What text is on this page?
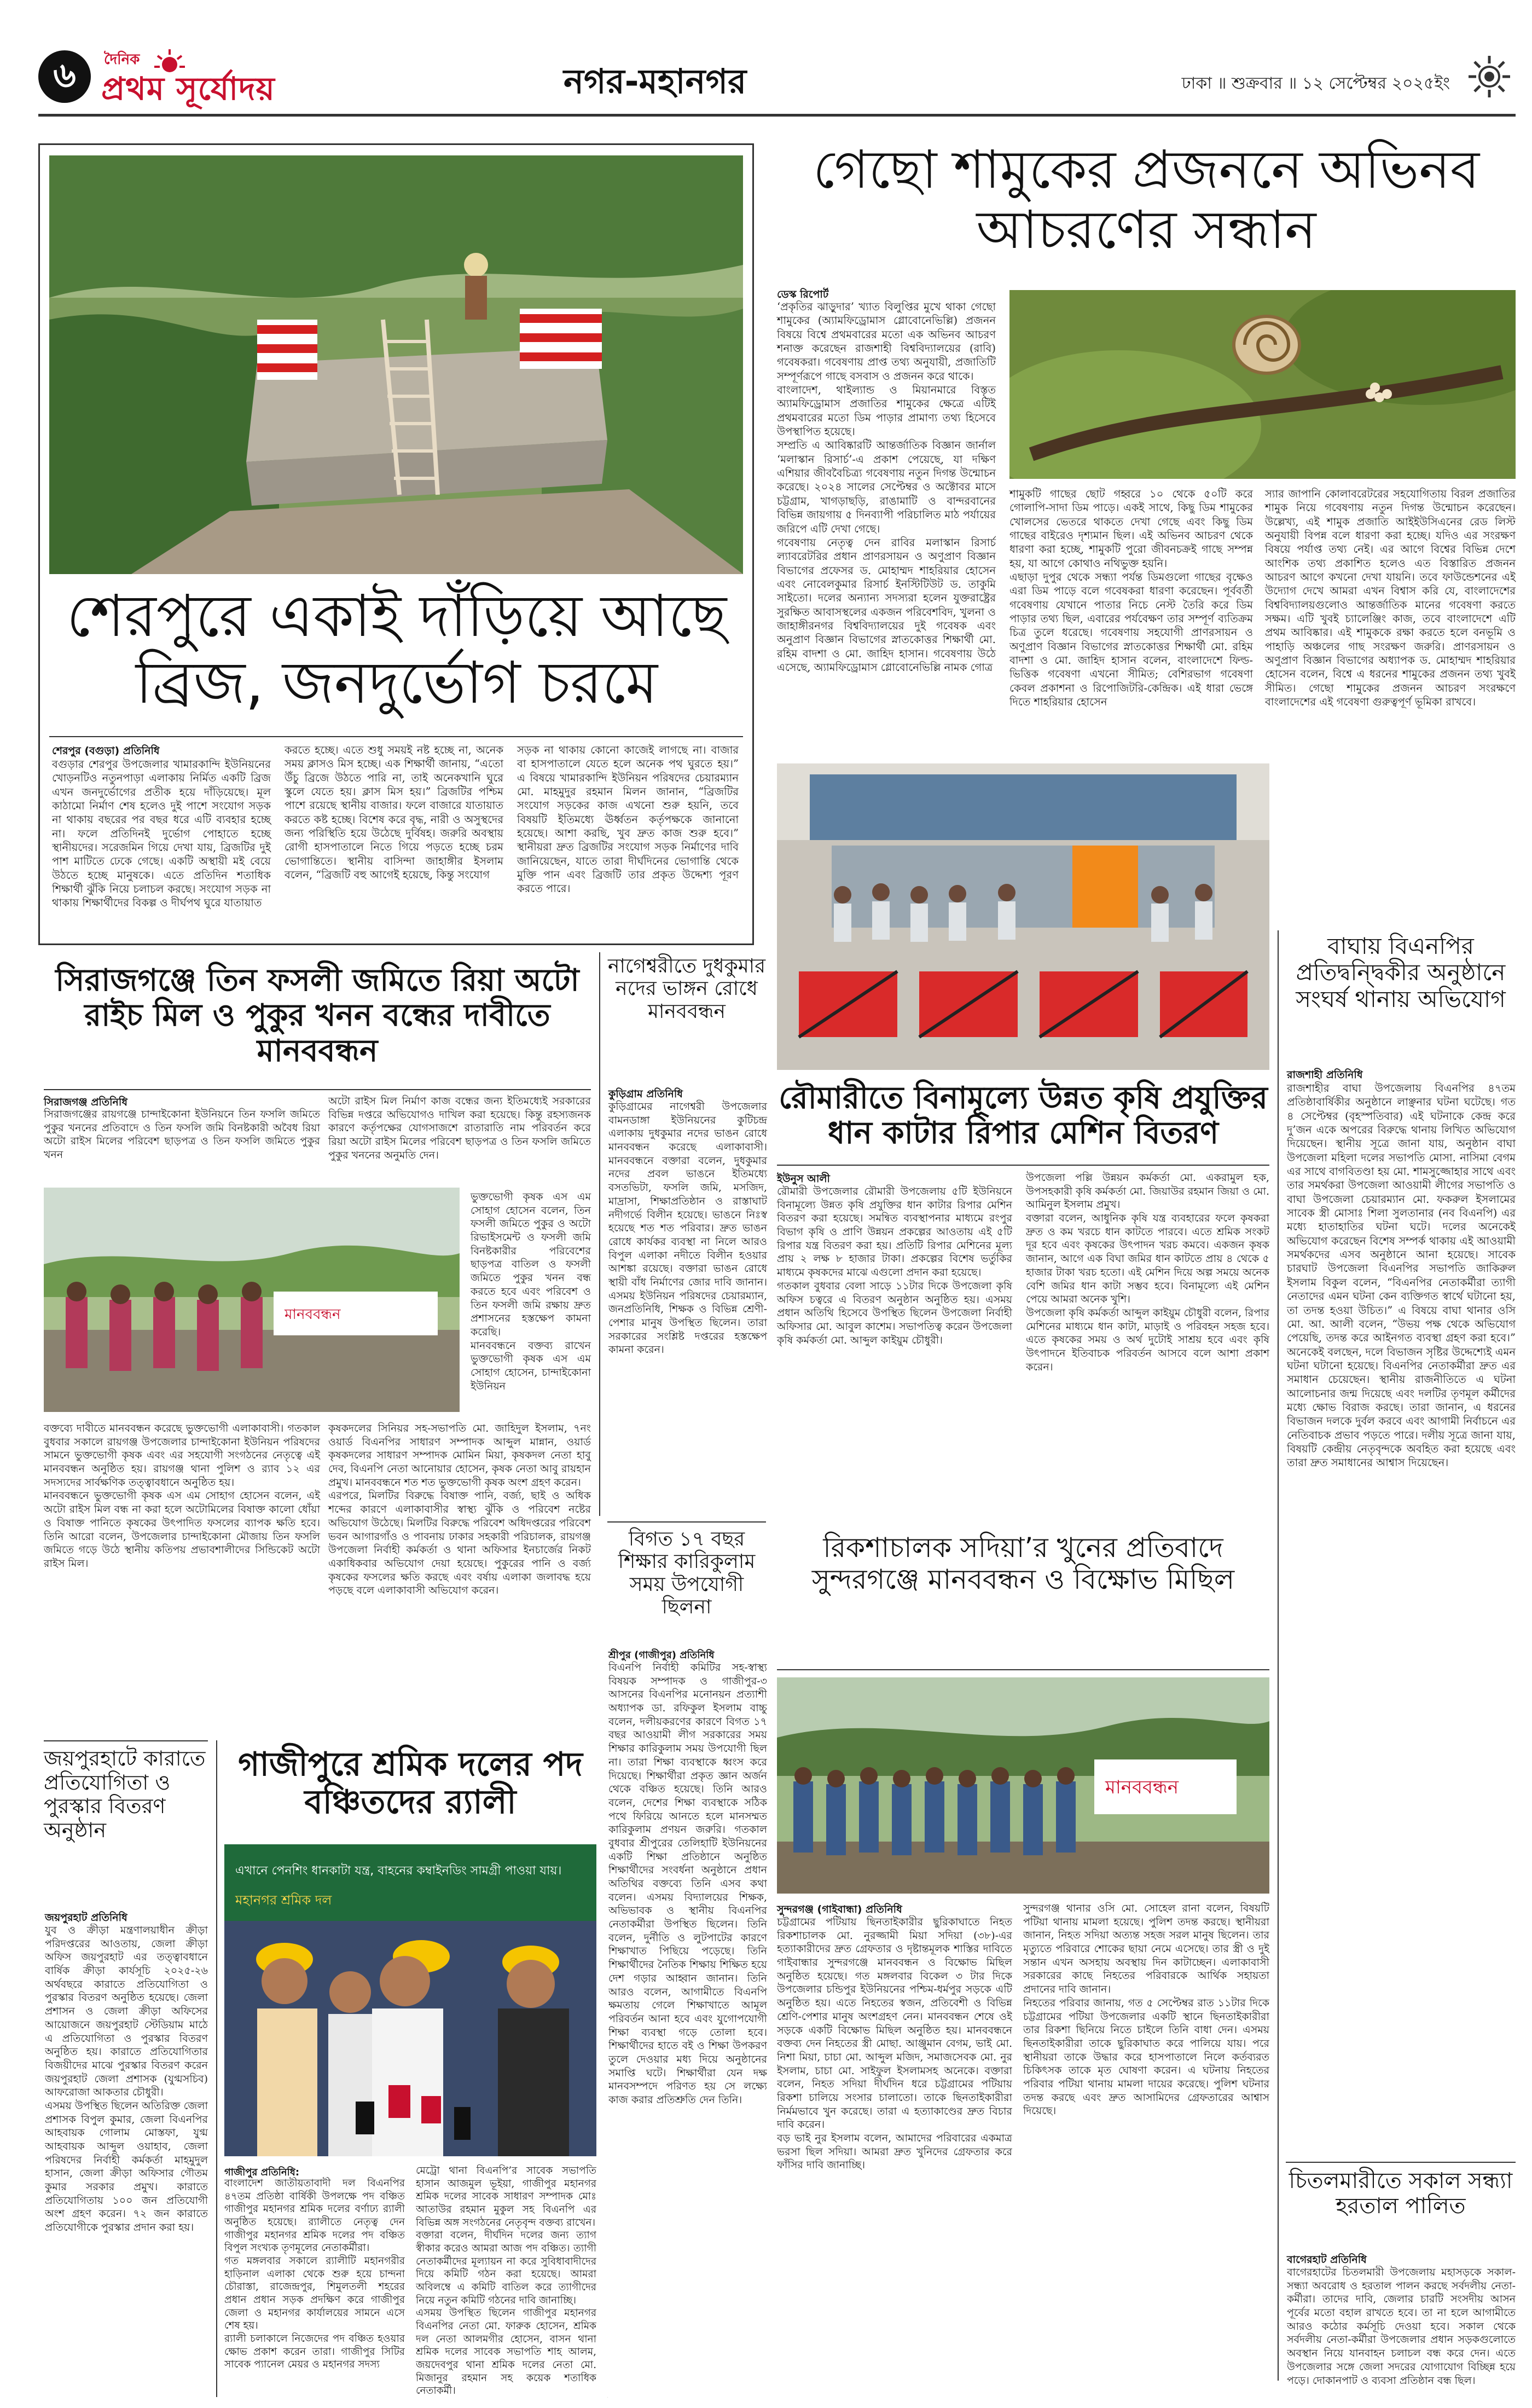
৬	দৈনিক
প্রথম সূর্যোদয়	নগর-মহানগর	ঢাকা ॥ শুক্রবার ॥ ১২ সেপ্টেম্বর ২০২৫ইং
শেরপুরে একাই দাঁড়িয়ে আছে ব্রিজ, জনদুর্ভোগ চরমে
শেরপুর (বগুড়া) প্রতিনিধি
বগুড়ার শেরপুর উপজেলার খামারকান্দি ইউনিয়নের খোড়নটিও নতুনপাড়া এলাকায় নির্মিত একটি ব্রিজ এখন জনদুর্ভোগের প্রতীক হয়ে দাঁড়িয়েছে। মূল কাঠামো নির্মাণ শেষ হলেও দুই পাশে সংযোগ সড়ক না থাকায় বছরের পর বছর ধরে এটি ব্যবহার হচ্ছে না। ফলে প্রতিদিনই দুর্ভোগ পোহাতে হচ্ছে স্থানীয়দের। সরেজমিন গিয়ে দেখা যায়, ব্রিজটির দুই পাশ মাটিতে ঢেকে গেছে। একটি অস্থায়ী মই বেয়ে উঠতে হচ্ছে মানুষকে। এতে প্রতিদিন শতাধিক শিক্ষার্থী ঝুঁকি নিয়ে চলাচল করছে। সংযোগ সড়ক না থাকায় শিক্ষার্থীদের বিকল্প ও দীর্ঘপথ ঘুরে যাতায়াত
করতে হচ্ছে। এতে শুধু সময়ই নষ্ট হচ্ছে না, অনেক সময় ক্লাসও মিস হচ্ছে। এক শিক্ষার্থী জানায়, “এতো উঁচু ব্রিজে উঠতে পারি না, তাই অনেকখানি ঘুরে স্কুলে যেতে হয়। ক্লাস মিস হয়।” ব্রিজটির পশ্চিম পাশে রয়েছে স্থানীয় বাজার। ফলে বাজারে যাতায়াত করতে কষ্ট হচ্ছে। বিশেষ করে বৃদ্ধ, নারী ও অসুস্থদের জন্য পরিস্থিতি হয়ে উঠেছে দুর্বিষহ। জরুরি অবস্থায় রোগী হাসপাতালে নিতে গিয়ে পড়তে হচ্ছে চরম ভোগান্তিতে। স্থানীয় বাসিন্দা জাহাঙ্গীর ইসলাম বলেন, “ব্রিজটি বহু আগেই হয়েছে, কিন্তু সংযোগ
সড়ক না থাকায় কোনো কাজেই লাগছে না। বাজার বা হাসপাতালে যেতে হলে অনেক পথ ঘুরতে হয়।” এ বিষয়ে খামারকান্দি ইউনিয়ন পরিষদের চেয়ারম্যান মো. মাহমুদুর রহমান মিলন জানান, “ব্রিজটির সংযোগ সড়কের কাজ এখনো শুরু হয়নি, তবে বিষয়টি ইতিমধ্যে ঊর্ধ্বতন কর্তৃপক্ষকে জানানো হয়েছে। আশা করছি, খুব দ্রুত কাজ শুরু হবে।” স্থানীয়রা দ্রুত ব্রিজটির সংযোগ সড়ক নির্মাণের দাবি জানিয়েছেন, যাতে তারা দীর্ঘদিনের ভোগান্তি থেকে মুক্তি পান এবং ব্রিজটি তার প্রকৃত উদ্দেশ্য পূরণ করতে পারে।
গেছো শামুকের প্রজননে অভিনব আচরণের সন্ধান
ডেস্ক রিপোর্ট
‘প্রকৃতির ঝাড়ুদার’ খ্যাত বিলুপ্তির মুখে থাকা গেছো শামুকের (অ্যামফিড্রোমাস গ্লোবোনেভিল্লি) প্রজনন বিষয়ে বিশ্বে প্রথমবারের মতো এক অভিনব আচরণ শনাক্ত করেছেন রাজশাহী বিশ্ববিদ্যালয়ের (রাবি) গবেষকরা। গবেষণায় প্রাপ্ত তথ্য অনুযায়ী, প্রজাতিটি সম্পূর্ণরূপে গাছে বসবাস ও প্রজনন করে থাকে।
বাংলাদেশ, থাইল্যান্ড ও মিয়ানমারে বিস্তৃত অ্যামফিড্রোমাস প্রজাতির শামুকের ক্ষেত্রে এটিই প্রথমবারের মতো ডিম পাড়ার প্রামাণ্য তথ্য হিসেবে উপস্থাপিত হয়েছে।
সম্প্রতি এ আবিষ্কারটি আন্তর্জাতিক বিজ্ঞান জার্নাল ‘মলাস্কান রিসার্চ’-এ প্রকাশ পেয়েছে, যা দক্ষিণ এশিয়ার জীববৈচিত্র্য গবেষণায় নতুন দিগন্ত উন্মোচন করেছে। ২০২৪ সালের সেপ্টেম্বর ও অক্টোবর মাসে চট্টগ্রাম, খাগড়াছড়ি, রাঙামাটি ও বান্দরবানের বিভিন্ন জায়গায় ৫ দিনব্যাপী পরিচালিত মাঠ পর্যায়ের জরিপে এটি দেখা গেছে।
গবেষণায় নেতৃত্ব দেন রাবির মলাস্কান রিসার্চ ল্যাবরেটরির প্রধান প্রাণরসায়ন ও অণুপ্রাণ বিজ্ঞান বিভাগের প্রফেসর ড. মোহাম্মদ শাহরিয়ার হোসেন এবং নোবেলকুমার রিসার্চ ইনস্টিটিউট ড. তাকুমি সাইতো। দলের অন্যান্য সদস্যরা হলেন যুক্তরাষ্ট্রের সুরক্ষিত আবাসস্থলের একজন পরিবেশবিদ, খুলনা ও জাহাঙ্গীরনগর বিশ্ববিদ্যালয়ের দুই গবেষক এবং অনুপ্রাণ বিজ্ঞান বিভাগের স্নাতকোত্তর শিক্ষার্থী মো. রহিম বাদশা ও মো. জাহিদ হাসান। গবেষণায় উঠে এসেছে, অ্যামফিড্রোমাস গ্লোবোনেভিল্লি নামক গোত্র
শামুকটি গাছের ছোট গহ্বরে ১০ থেকে ৫০টি করে গোলাপি-সাদা ডিম পাড়ে। একই সাথে, কিছু ডিম শামুকের খোলসের ভেতরে থাকতে দেখা গেছে এবং কিছু ডিম গাছের বাইরেও দৃশ্যমান ছিল। এই অভিনব আচরণ থেকে ধারণা করা হচ্ছে, শামুকটি পুরো জীবনচক্রই গাছে সম্পন্ন হয়, যা আগে কোথাও নথিভুক্ত হয়নি।
এছাড়া দুপুর থেকে সন্ধ্যা পর্যন্ত ডিমগুলো গাছের বৃক্ষেও এরা ডিম পাড়ে বলে গবেষকরা ধারণা করেছেন। পূর্ববর্তী গবেষণায় যেখানে পাতার নিচে নেস্ট তৈরি করে ডিম পাড়ার তথ্য ছিল, এবারের পর্যবেক্ষণ তার সম্পূর্ণ ব্যতিক্রম চিত্র তুলে ধরেছে। গবেষণায় সহযোগী প্রাণরসায়ন ও অণুপ্রাণ বিজ্ঞান বিভাগের স্নাতকোত্তর শিক্ষার্থী মো. রহিম বাদশা ও মো. জাহিদ হাসান বলেন, বাংলাদেশে ফিল্ড-ভিত্তিক গবেষণা এখনো সীমিত; বেশিরভাগ গবেষণা কেবল প্রকাশনা ও রিপোজিটরি-কেন্দ্রিক। এই ধারা ভেঙ্গে দিতে শাহরিয়ার হোসেন
স্যার জাপানি কোলাবরেটরের সহযোগিতায় বিরল প্রজাতির শামুক নিয়ে গবেষণায় নতুন দিগন্ত উন্মোচন করেছেন। উল্লেখ্য, এই শামুক প্রজাতি আইইউসিএনের রেড লিস্ট অনুযায়ী বিপন্ন বলে ধারণা করা হচ্ছে। যদিও এর সংরক্ষণ বিষয়ে পর্যাপ্ত তথ্য নেই। এর আগে বিশ্বের বিভিন্ন দেশে আংশিক তথ্য প্রকাশিত হলেও এত বিস্তারিত প্রজনন আচরণ আগে কখনো দেখা যায়নি। তবে ফাউন্ডেশনের এই উদ্যোগ দেখে আমরা এখন বিশ্বাস করি যে, বাংলাদেশের বিশ্ববিদ্যালয়গুলোও আন্তর্জাতিক মানের গবেষণা করতে সক্ষম। এটি খুবই চ্যালেঞ্জিং কাজ, তবে বাংলাদেশে এটি প্রথম আবিষ্কার। এই শামুককে রক্ষা করতে হলে বনভূমি ও পাহাড়ি অঞ্চলের গাছ সংরক্ষণ জরুরি। প্রাণরসায়ন ও অণুপ্রাণ বিজ্ঞান বিভাগের অধ্যাপক ড. মোহাম্মদ শাহরিয়ার হোসেন বলেন, বিশ্বে এ ধরনের শামুকের প্রজনন তথ্য খুবই সীমিত। গেছো শামুকের প্রজনন আচরণ সংরক্ষণে বাংলাদেশের এই গবেষণা গুরুত্বপূর্ণ ভূমিকা রাখবে।
রৌমারীতে বিনামূল্যে উন্নত কৃষি প্রযুক্তির ধান কাটার রিপার মেশিন বিতরণ
ইউনুস আলী
রৌমারী উপজেলার রৌমারী উপজেলায় ৫টি ইউনিয়নে বিনামূল্যে উন্নত কৃষি প্রযুক্তির ধান কাটার রিপার মেশিন বিতরণ করা হয়েছে। সমন্বিত ব্যবস্থাপনার মাধ্যমে রংপুর বিভাগ কৃষি ও প্রাণি উন্নয়ন প্রকল্পের আওতায় এই ৫টি রিপার যন্ত্র বিতরণ করা হয়। প্রতিটি রিপার মেশিনের মূল্য প্রায় ২ লক্ষ ৮ হাজার টাকা। প্রকল্পের বিশেষ ভর্তুকির মাধ্যমে কৃষকদের মাঝে এগুলো প্রদান করা হয়েছে।
গতকাল বুধবার বেলা সাড়ে ১১টার দিকে উপজেলা কৃষি অফিস চত্বরে এ বিতরণ অনুষ্ঠান অনুষ্ঠিত হয়। এসময় প্রধান অতিথি হিসেবে উপস্থিত ছিলেন উপজেলা নির্বাহী অফিসার মো. আবুল কাশেম। সভাপতিত্ব করেন উপজেলা কৃষি কর্মকর্তা মো. আব্দুল কাইয়ুম চৌধুরী।
উপজেলা পল্লি উন্নয়ন কর্মকর্তা মো. একরামুল হক, উপসহকারী কৃষি কর্মকর্তা মো. জিয়াউর রহমান জিয়া ও মো. আমিনুল ইসলাম প্রমুখ।
বক্তারা বলেন, আধুনিক কৃষি যন্ত্র ব্যবহারের ফলে কৃষকরা দ্রুত ও কম খরচে ধান কাটতে পারবে। এতে শ্রমিক সংকট দূর হবে এবং কৃষকের উৎপাদন খরচ কমবে। একজন কৃষক জানান, আগে এক বিঘা জমির ধান কাটতে প্রায় ৪ থেকে ৫ হাজার টাকা খরচ হতো। এই মেশিন দিয়ে অল্প সময়ে অনেক বেশি জমির ধান কাটা সম্ভব হবে। বিনামূল্যে এই মেশিন পেয়ে আমরা অনেক খুশি।
উপজেলা কৃষি কর্মকর্তা আব্দুল কাইয়ুম চৌধুরী বলেন, রিপার মেশিনের মাধ্যমে ধান কাটা, মাড়াই ও পরিবহন সহজ হবে। এতে কৃষকের সময় ও অর্থ দুটোই সাশ্রয় হবে এবং কৃষি উৎপাদনে ইতিবাচক পরিবর্তন আসবে বলে আশা প্রকাশ করেন।
বাঘায় বিএনপির প্রতিদ্বন্দ্বিকীর অনুষ্ঠানে সংঘর্ষ থানায় অভিযোগ
রাজশাহী প্রতিনিধি
রাজশাহীর বাঘা উপজেলায় বিএনপির ৪৭তম প্রতিষ্ঠাবার্ষিকীর অনুষ্ঠানে লাঞ্ছনার ঘটনা ঘটেছে। গত ৪ সেপ্টেম্বর (বৃহস্পতিবার) এই ঘটনাকে কেন্দ্র করে দু’জন একে অপরের বিরুদ্ধে থানায় লিখিত অভিযোগ দিয়েছেন। স্থানীয় সূত্রে জানা যায়, অনুষ্ঠান বাঘা উপজেলা মহিলা দলের সভাপতি মোসা. নাসিমা বেগম এর সাথে বাগবিতণ্ডা হয় মো. শামসুজ্জোহার সাথে এবং তার সমর্থকরা উপজেলা আওয়ামী লীগের সভাপতি ও বাঘা উপজেলা চেয়ারম্যান মো. ফকরুল ইসলামের সাবেক স্ত্রী মোসাঃ শিলা সুলতানার (নব বিএনপি) এর মধ্যে হাতাহাতির ঘটনা ঘটে। দলের অনেকেই অভিযোগ করেছেন বিশেষ সম্পর্ক থাকায় এই আওয়ামী সমর্থকদের এসব অনুষ্ঠানে আনা হয়েছে। সাবেক চারঘাট উপজেলা বিএনপির সভাপতি জাকিরুল ইসলাম বিকুল বলেন, “বিএনপির নেতাকর্মীরা ত্যাগী নেতাদের এমন ঘটনা কেন ব্যক্তিগত স্বার্থে ঘটানো হয়, তা তদন্ত হওয়া উচিত।” এ বিষয়ে বাঘা থানার ওসি মো. আ. আলী বলেন, “উভয় পক্ষ থেকে অভিযোগ পেয়েছি, তদন্ত করে আইনগত ব্যবস্থা গ্রহণ করা হবে।” অনেকেই বলছেন, দলে বিভাজন সৃষ্টির উদ্দেশ্যেই এমন ঘটনা ঘটানো হয়েছে। বিএনপির নেতাকর্মীরা দ্রুত এর সমাধান চেয়েছেন। স্থানীয় রাজনীতিতে এ ঘটনা আলোচনার জন্ম দিয়েছে এবং দলটির তৃণমূল কর্মীদের মধ্যে ক্ষোভ বিরাজ করছে। তারা জানান, এ ধরনের বিভাজন দলকে দুর্বল করবে এবং আগামী নির্বাচনে এর নেতিবাচক প্রভাব পড়তে পারে। দলীয় সূত্রে জানা যায়, বিষয়টি কেন্দ্রীয় নেতৃবৃন্দকে অবহিত করা হয়েছে এবং তারা দ্রুত সমাধানের আশ্বাস দিয়েছেন।
চিতলমারীতে সকাল সন্ধ্যা হরতাল পালিত
বাগেরহাট প্রতিনিধি
বাগেরহাটের চিতলমারী উপজেলায় মহাসড়কে সকাল-সন্ধ্যা অবরোধ ও হরতাল পালন করছে সর্বদলীয় নেতা-কর্মীরা। তাদের দাবি, জেলার চারটি সংসদীয় আসন পূর্বের মতো বহাল রাখতে হবে। তা না হলে আগামীতে আরও কঠোর কর্মসূচি দেওয়া হবে। সকাল থেকে সর্বদলীয় নেতা-কর্মীরা উপজেলার প্রধান সড়কগুলোতে অবস্থান নিয়ে যানবাহন চলাচল বন্ধ করে দেন। এতে উপজেলার সঙ্গে জেলা সদরের যোগাযোগ বিচ্ছিন্ন হয়ে পড়ে। দোকানপাট ও ব্যবসা প্রতিষ্ঠান বন্ধ ছিল।
সিরাজগঞ্জে তিন ফসলী জমিতে রিয়া অটো রাইচ মিল ও পুকুর খনন বন্ধের দাবীতে মানববন্ধন
সিরাজগঞ্জ প্রতিনিধি
সিরাজগঞ্জের রায়গঞ্জে চান্দাইকোনা ইউনিয়নে তিন ফসলি জমিতে পুকুর খননের প্রতিবাদে ও তিন ফসলি জমি বিনষ্টকারী অবৈধ রিয়া অটো রাইস মিলের পরিবেশ ছাড়পত্র ও তিন ফসলি জমিতে পুকুর খনন
অটো রাইস মিল নির্মাণ কাজ বন্ধের জন্য ইতিমধ্যেই সরকারের বিভিন্ন দপ্তরে অভিযোগও দাখিল করা হয়েছে। কিন্তু রহস্যজনক কারণে কর্তৃপক্ষের যোগসাজশে রাতারাতি নাম পরিবর্তন করে রিয়া অটো রাইস মিলের পরিবেশ ছাড়পত্র ও তিন ফসলি জমিতে পুকুর খননের অনুমতি দেন।
মানববন্ধন
ভুক্তভোগী কৃষক এস এম সোহাগ হোসেন বলেন, তিন ফসলী জমিতে পুকুর ও অটো রিভাইসমেন্ট ও ফসলী জমি বিনষ্টকারীর পরিবেশের ছাড়পত্র বাতিল ও ফসলী জমিতে পুকুর খনন বন্ধ করতে হবে এবং পরিবেশ ও তিন ফসলী জমি রক্ষায় দ্রুত প্রশাসনের হস্তক্ষেপ কামনা করেছি।
মানববন্ধনে বক্তব্য রাখেন ভুক্তভোগী কৃষক এস এম সোহাগ হোসেন, চান্দাইকোনা ইউনিয়ন
বক্তব্যে দাবীতে মানববন্ধন করেছে ভুক্তভোগী এলাকাবাসী। গতকাল বুধবার সকালে রায়গঞ্জ উপজেলার চান্দাইকোনা ইউনিয়ন পরিষদের সামনে ভুক্তভোগী কৃষক এবং এর সহযোগী সংগঠনের নেতৃত্বে এই মানববন্ধন অনুষ্ঠিত হয়। রায়গঞ্জ থানা পুলিশ ও র‍্যাব ১২ এর সদস্যদের সার্বক্ষণিক তত্ত্বাবধানে অনুষ্ঠিত হয়।
মানববন্ধনে ভুক্তভোগী কৃষক এস এম সোহাগ হোসেন বলেন, এই অটো রাইস মিল বন্ধ না করা হলে অটোমিলের বিষাক্ত কালো ধোঁয়া ও বিষাক্ত পানিতে কৃষকের উৎপাদিত ফসলের ব্যাপক ক্ষতি হবে। তিনি আরো বলেন, উপজেলার চান্দাইকোনা মৌজায় তিন ফসলি জমিতে গড়ে উঠে স্থানীয় কতিপয় প্রভাবশালীদের সিন্ডিকেট অটো রাইস মিল।
কৃষকদলের সিনিয়র সহ-সভাপতি মো. জাহিদুল ইসলাম, ৭নং ওয়ার্ড বিএনপির সাধারণ সম্পাদক আব্দুল মান্নান, ওয়ার্ড কৃষকদলের সাধারণ সম্পাদক মোমিন মিয়া, কৃষকদল নেতা হাবু দেব, বিএনপি নেতা আনোয়ার হোসেন, কৃষক নেতা আবু রায়হান প্রমুখ। মানববন্ধনে শত শত ভুক্তভোগী কৃষক অংশ গ্রহণ করেন।
এরপরে, মিলটির বিরুদ্ধে বিষাক্ত পানি, বর্জ্য, ছাই ও অধিক শব্দের কারণে এলাকাবাসীর স্বাস্থ্য ঝুঁকি ও পরিবেশ নষ্টের অভিযোগ উঠেছে। মিলটির বিরুদ্ধে পরিবেশ অধিদপ্তরের পরিবেশ ভবন আগারগাঁও ও পাবনায় ঢাকার সহকারী পরিচালক, রায়গঞ্জ উপজেলা নির্বাহী কর্মকর্তা ও থানা অফিসার ইনচার্জের নিকট একাধিকবার অভিযোগ দেয়া হয়েছে। পুকুরের পানি ও বর্জ্য কৃষকের ফসলের ক্ষতি করছে এবং বর্ষায় এলাকা জলাবদ্ধ হয়ে পড়ছে বলে এলাকাবাসী অভিযোগ করেন।
নাগেশ্বরীতে দুধকুমার নদের ভাঙ্গন রোধে মানববন্ধন
কুড়িগ্রাম প্রতিনিধি
কুড়িগ্রামের নাগেশ্বরী উপজেলার বামনডাঙ্গা ইউনিয়নের কুটিচন্দ্র এলাকায় দুধকুমার নদের ভাঙন রোধে মানববন্ধন করেছে এলাকাবাসী। মানববন্ধনে বক্তারা বলেন, দুধকুমার নদের প্রবল ভাঙনে ইতিমধ্যে বসতভিটা, ফসলি জমি, মসজিদ, মাদ্রাসা, শিক্ষাপ্রতিষ্ঠান ও রাস্তাঘাট নদীগর্ভে বিলীন হয়েছে। ভাঙনে নিঃস্ব হয়েছে শত শত পরিবার। দ্রুত ভাঙন রোধে কার্যকর ব্যবস্থা না নিলে আরও বিপুল এলাকা নদীতে বিলীন হওয়ার আশঙ্কা রয়েছে। বক্তারা ভাঙন রোধে স্থায়ী বাঁধ নির্মাণের জোর দাবি জানান। এসময় ইউনিয়ন পরিষদের চেয়ারম্যান, জনপ্রতিনিধি, শিক্ষক ও বিভিন্ন শ্রেণী-পেশার মানুষ উপস্থিত ছিলেন। তারা সরকারের সংশ্লিষ্ট দপ্তরের হস্তক্ষেপ কামনা করেন।
বিগত ১৭ বছর শিক্ষার কারিকুলাম সময় উপযোগী ছিলনা
শ্রীপুর (গাজীপুর) প্রতিনিধি
বিএনপি নির্বাহী কমিটির সহ-স্বাস্থ্য বিষয়ক সম্পাদক ও গাজীপুর-৩ আসনের বিএনপির মনোনয়ন প্রত্যাশী অধ্যাপক ডা. রফিকুল ইসলাম বাচ্চু বলেন, দলীয়করণের কারণে বিগত ১৭ বছর আওয়ামী লীগ সরকারের সময় শিক্ষার কারিকুলাম সময় উপযোগী ছিল না। তারা শিক্ষা ব্যবস্থাকে ধ্বংস করে দিয়েছে। শিক্ষার্থীরা প্রকৃত জ্ঞান অর্জন থেকে বঞ্চিত হয়েছে। তিনি আরও বলেন, দেশের শিক্ষা ব্যবস্থাকে সঠিক পথে ফিরিয়ে আনতে হলে মানসম্মত কারিকুলাম প্রণয়ন জরুরি। গতকাল বুধবার শ্রীপুরের তেলিহাটি ইউনিয়নের একটি শিক্ষা প্রতিষ্ঠানে অনুষ্ঠিত শিক্ষার্থীদের সংবর্ধনা অনুষ্ঠানে প্রধান অতিথির বক্তব্যে তিনি এসব কথা বলেন। এসময় বিদ্যালয়ের শিক্ষক, অভিভাবক ও স্থানীয় বিএনপির নেতাকর্মীরা উপস্থিত ছিলেন। তিনি বলেন, দুর্নীতি ও লুটপাটের কারণে শিক্ষাখাত পিছিয়ে পড়েছে। তিনি শিক্ষার্থীদের নৈতিক শিক্ষায় শিক্ষিত হয়ে দেশ গড়ার আহ্বান জানান। তিনি আরও বলেন, আগামীতে বিএনপি ক্ষমতায় গেলে শিক্ষাখাতে আমূল পরিবর্তন আনা হবে এবং যুগোপযোগী শিক্ষা ব্যবস্থা গড়ে তোলা হবে। শিক্ষার্থীদের হাতে বই ও শিক্ষা উপকরণ তুলে দেওয়ার মধ্য দিয়ে অনুষ্ঠানের সমাপ্তি ঘটে। শিক্ষার্থীরা যেন দক্ষ মানবসম্পদে পরিণত হয় সে লক্ষ্যে কাজ করার প্রতিশ্রুতি দেন তিনি।
রিকশাচালক সদিয়া’র খুনের প্রতিবাদে সুন্দরগঞ্জে মানববন্ধন ও বিক্ষোভ মিছিল
মানববন্ধন
সুন্দরগঞ্জ (গাইবান্ধা) প্রতিনিধি
চট্টগ্রামের পটিয়ায় ছিনতাইকারীর ছুরিকাঘাতে নিহত রিকশাচালক মো. নুরজ্জামী মিয়া সদিয়া (৩৮)-এর হত্যাকারীদের দ্রুত গ্রেফতার ও দৃষ্টান্তমূলক শাস্তির দাবিতে গাইবান্ধার সুন্দরগঞ্জে মানববন্ধন ও বিক্ষোভ মিছিল অনুষ্ঠিত হয়েছে। গত মঙ্গলবার বিকেল ৩ টার দিকে উপজেলার চন্ডিপুর ইউনিয়নের পশ্চিম-ধর্মপুর সড়কে এটি অনুষ্ঠিত হয়। এতে নিহতের স্বজন, প্রতিবেশী ও বিভিন্ন শ্রেণি-পেশার মানুষ অংশগ্রহণ নেন। মানববন্ধন শেষে ওই সড়কে একটি বিক্ষোভ মিছিল অনুষ্ঠিত হয়। মানববন্ধনে বক্তব্য দেন নিহতের স্ত্রী মোছা. আঞ্জুমান বেগম, ভাই মো. নিশা মিয়া, চাচা মো. আব্দুল মজিদ, সমাজসেবক মো. নুর ইসলাম, চাচা মো. সাইফুল ইসলামসহ অনেকে। বক্তারা বলেন, নিহত সদিয়া দীর্ঘদিন ধরে চট্টগ্রামের পটিয়ায় রিকশা চালিয়ে সংসার চালাতো। তাকে ছিনতাইকারীরা নির্মমভাবে খুন করেছে। তারা এ হত্যাকাণ্ডের দ্রুত বিচার দাবি করেন।
বড় ভাই নুর ইসলাম বলেন, আমাদের পরিবারের একমাত্র ভরসা ছিল সদিয়া। আমরা দ্রুত খুনিদের গ্রেফতার করে ফাঁসির দাবি জানাচ্ছি।
সুন্দরগঞ্জ থানার ওসি মো. সোহেল রানা বলেন, বিষয়টি পটিয়া থানায় মামলা হয়েছে। পুলিশ তদন্ত করছে। স্থানীয়রা জানান, নিহত সদিয়া অত্যন্ত সহজ সরল মানুষ ছিলেন। তার মৃত্যুতে পরিবারে শোকের ছায়া নেমে এসেছে। তার স্ত্রী ও দুই সন্তান এখন অসহায় অবস্থায় দিন কাটাচ্ছেন। এলাকাবাসী সরকারের কাছে নিহতের পরিবারকে আর্থিক সহায়তা প্রদানের দাবি জানান।
নিহতের পরিবার জানায়, গত ৫ সেপ্টেম্বর রাত ১১টার দিকে চট্টগ্রামের পটিয়া উপজেলার একটি স্থানে ছিনতাইকারীরা তার রিকশা ছিনিয়ে নিতে চাইলে তিনি বাধা দেন। এসময় ছিনতাইকারীরা তাকে ছুরিকাঘাত করে পালিয়ে যায়। পরে স্থানীয়রা তাকে উদ্ধার করে হাসপাতালে নিলে কর্তব্যরত চিকিৎসক তাকে মৃত ঘোষণা করেন। এ ঘটনায় নিহতের পরিবার পটিয়া থানায় মামলা দায়ের করেছে। পুলিশ ঘটনার তদন্ত করছে এবং দ্রুত আসামিদের গ্রেফতারের আশ্বাস দিয়েছে।
জয়পুরহাটে কারাতে প্রতিযোগিতা ও পুরস্কার বিতরণ অনুষ্ঠান
জয়পুরহাট প্রতিনিধি
যুব ও ক্রীড়া মন্ত্রণালয়াধীন ক্রীড়া পরিদপ্তরের আওতায়, জেলা ক্রীড়া অফিস জয়পুরহাট এর তত্ত্বাবধানে বার্ষিক ক্রীড়া কার্যসূচি ২০২৫-২৬ অর্থবছরে কারাতে প্রতিযোগিতা ও পুরস্কার বিতরণ অনুষ্ঠিত হয়েছে। জেলা প্রশাসন ও জেলা ক্রীড়া অফিসের আয়োজনে জয়পুরহাট স্টেডিয়াম মাঠে এ প্রতিযোগিতা ও পুরস্কার বিতরণ অনুষ্ঠিত হয়। কারাতে প্রতিযোগিতার বিজয়ীদের মাঝে পুরস্কার বিতরণ করেন জয়পুরহাট জেলা প্রশাসক (যুগ্মসচিব) আফরোজা আকতার চৌধুরী।
এসময় উপস্থিত ছিলেন অতিরিক্ত জেলা প্রশাসক বিপুল কুমার, জেলা বিএনপির আহবায়ক গোলাম মোস্তফা, যুগ্ম আহবায়ক আব্দুল ওয়াহাব, জেলা পরিষদের নির্বাহী কর্মকর্তা মাহমুদুল হাসান, জেলা ক্রীড়া অফিসার গৌতম কুমার সরকার প্রমুখ। কারাতে প্রতিযোগিতায় ১০০ জন প্রতিযোগী অংশ গ্রহণ করেন। ৭২ জন কারাতে প্রতিযোগীকে পুরস্কার প্রদান করা হয়।
গাজীপুরে শ্রমিক দলের পদ বঞ্চিতদের র‍্যালী
এখানে পেনশিং ধানকাটা যন্ত্র, বাহনের কম্বাইনডিং সামগ্রী পাওয়া যায়।
মহানগর শ্রমিক দল
গাজীপুর প্রতিনিধি:
বাংলাদেশ জাতীয়তাবাদী দল বিএনপির ৪৭তম প্রতিষ্ঠা বার্ষিকী উপলক্ষে পদ বঞ্চিত গাজীপুর মহানগর শ্রমিক দলের বর্ণাঢ্য র‍্যালী অনুষ্ঠিত হয়েছে। র‍্যালীতে নেতৃত্ব দেন গাজীপুর মহানগর শ্রমিক দলের পদ বঞ্চিত বিপুল সংখ্যক তৃণমূলের নেতাকর্মীরা।
গত মঙ্গলবার সকালে র‍্যালীটি মহানগরীর হাড়িনাল এলাকা থেকে শুরু হয়ে চান্দনা চৌরাস্তা, রাজেন্দ্রপুর, শিমুলতলী শহরের প্রধান প্রধান সড়ক প্রদক্ষিণ করে গাজীপুর জেলা ও মহানগর কার্যালয়ের সামনে এসে শেষ হয়।
র‍্যালী চলাকালে নিজেদের পদ বঞ্চিত হওয়ার ক্ষোভ প্রকাশ করেন তারা। গাজীপুর সিটির সাবেক প্যানেল মেয়র ও মহানগর সদস্য
মেট্রো থানা বিএনপি’র সাবেক সভাপতি হাসান আজমুল ভূইয়া, গাজীপুর মহানগর শ্রমিক দলের সাবেক সাধারণ সম্পাদক মোঃ আতাউর রহমান মুকুল সহ বিএনপি এর বিভিন্ন অঙ্গ সংগঠনের নেতৃবৃন্দ বক্তব্য রাখেন।
বক্তারা বলেন, দীর্ঘদিন দলের জন্য ত্যাগ স্বীকার করেও আমরা আজ পদ বঞ্চিত। ত্যাগী নেতাকর্মীদের মূল্যায়ন না করে সুবিধাবাদীদের দিয়ে কমিটি গঠন করা হয়েছে। আমরা অবিলম্বে এ কমিটি বাতিল করে ত্যাগীদের নিয়ে নতুন কমিটি গঠনের দাবি জানাচ্ছি।
এসময় উপস্থিত ছিলেন গাজীপুর মহানগর বিএনপির নেতা মো. ফারুক হোসেন, শ্রমিক দল নেতা আলমগীর হোসেন, বাসন থানা শ্রমিক দলের সাবেক সভাপতি শাহ আলম, জয়দেবপুর থানা শ্রমিক দলের নেতা মো. মিজানুর রহমান সহ কয়েক শতাধিক নেতাকর্মী।
